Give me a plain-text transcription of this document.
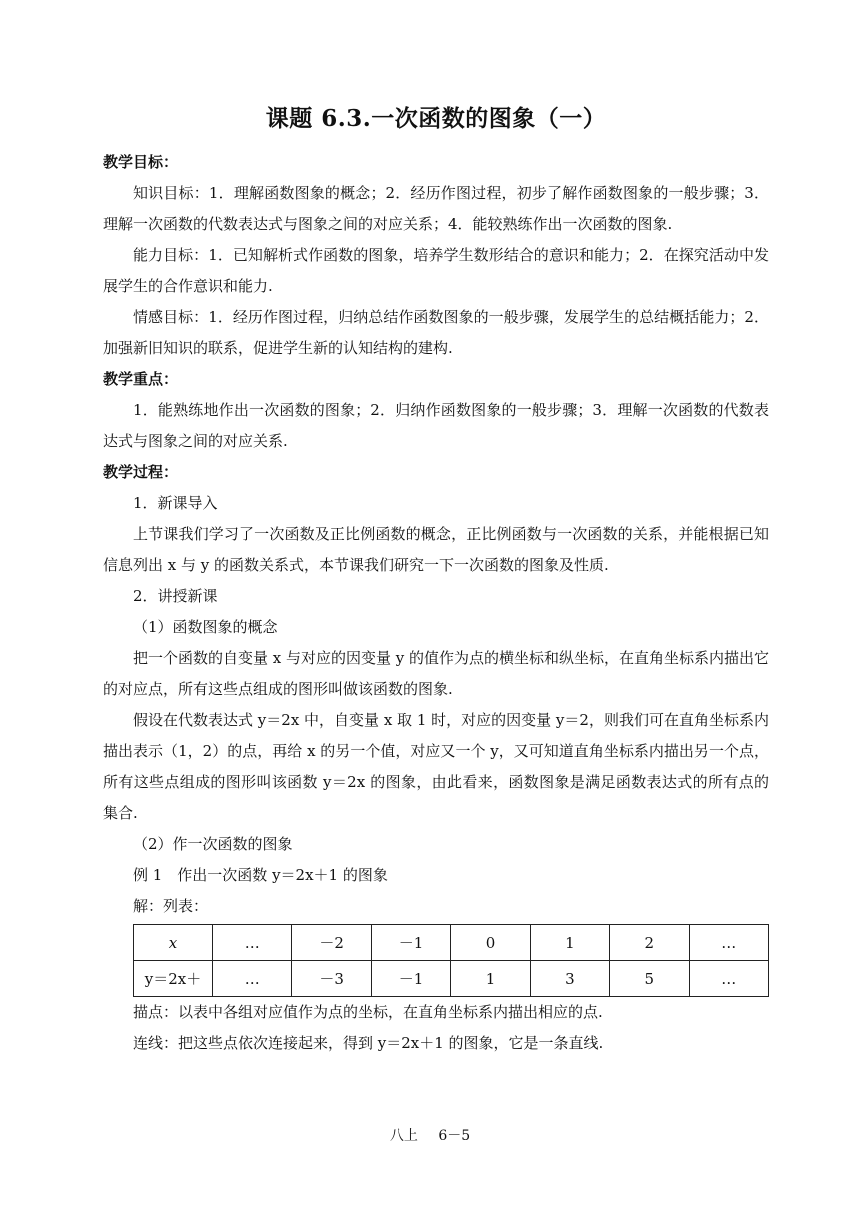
课题 6.3.一次函数的图象（一）

教学目标：

知识目标：1．理解函数图象的概念；2．经历作图过程，初步了解作函数图象的一般步骤；3．理解一次函数的代数表达式与图象之间的对应关系；4．能较熟练作出一次函数的图象.

能力目标：1．已知解析式作函数的图象，培养学生数形结合的意识和能力；2．在探究活动中发展学生的合作意识和能力.

情感目标：1．经历作图过程，归纳总结作函数图象的一般步骤，发展学生的总结概括能力；2．加强新旧知识的联系，促进学生新的认知结构的建构.

教学重点：

1．能熟练地作出一次函数的图象；2．归纳作函数图象的一般步骤；3．理解一次函数的代数表达式与图象之间的对应关系.

教学过程：

1．新课导入

上节课我们学习了一次函数及正比例函数的概念，正比例函数与一次函数的关系，并能根据已知信息列出 x 与 y 的函数关系式，本节课我们研究一下一次函数的图象及性质.

2．讲授新课

（1）函数图象的概念

把一个函数的自变量 x 与对应的因变量 y 的值作为点的横坐标和纵坐标，在直角坐标系内描出它的对应点，所有这些点组成的图形叫做该函数的图象.

假设在代数表达式 y＝2x 中，自变量 x 取 1 时，对应的因变量 y＝2，则我们可在直角坐标系内描出表示（1，2）的点，再给 x 的另一个值，对应又一个 y，又可知道直角坐标系内描出另一个点，所有这些点组成的图形叫该函数 y＝2x 的图象，由此看来，函数图象是满足函数表达式的所有点的集合.

（2）作一次函数的图象

例 1　作出一次函数 y＝2x＋1 的图象

解：列表：

x	…	－2	－1	0	1	2	…
y＝2x＋	…	－3	－1	1	3	5	…

描点：以表中各组对应值作为点的坐标，在直角坐标系内描出相应的点.

连线：把这些点依次连接起来，得到 y＝2x＋1 的图象，它是一条直线.

八上 6－5
